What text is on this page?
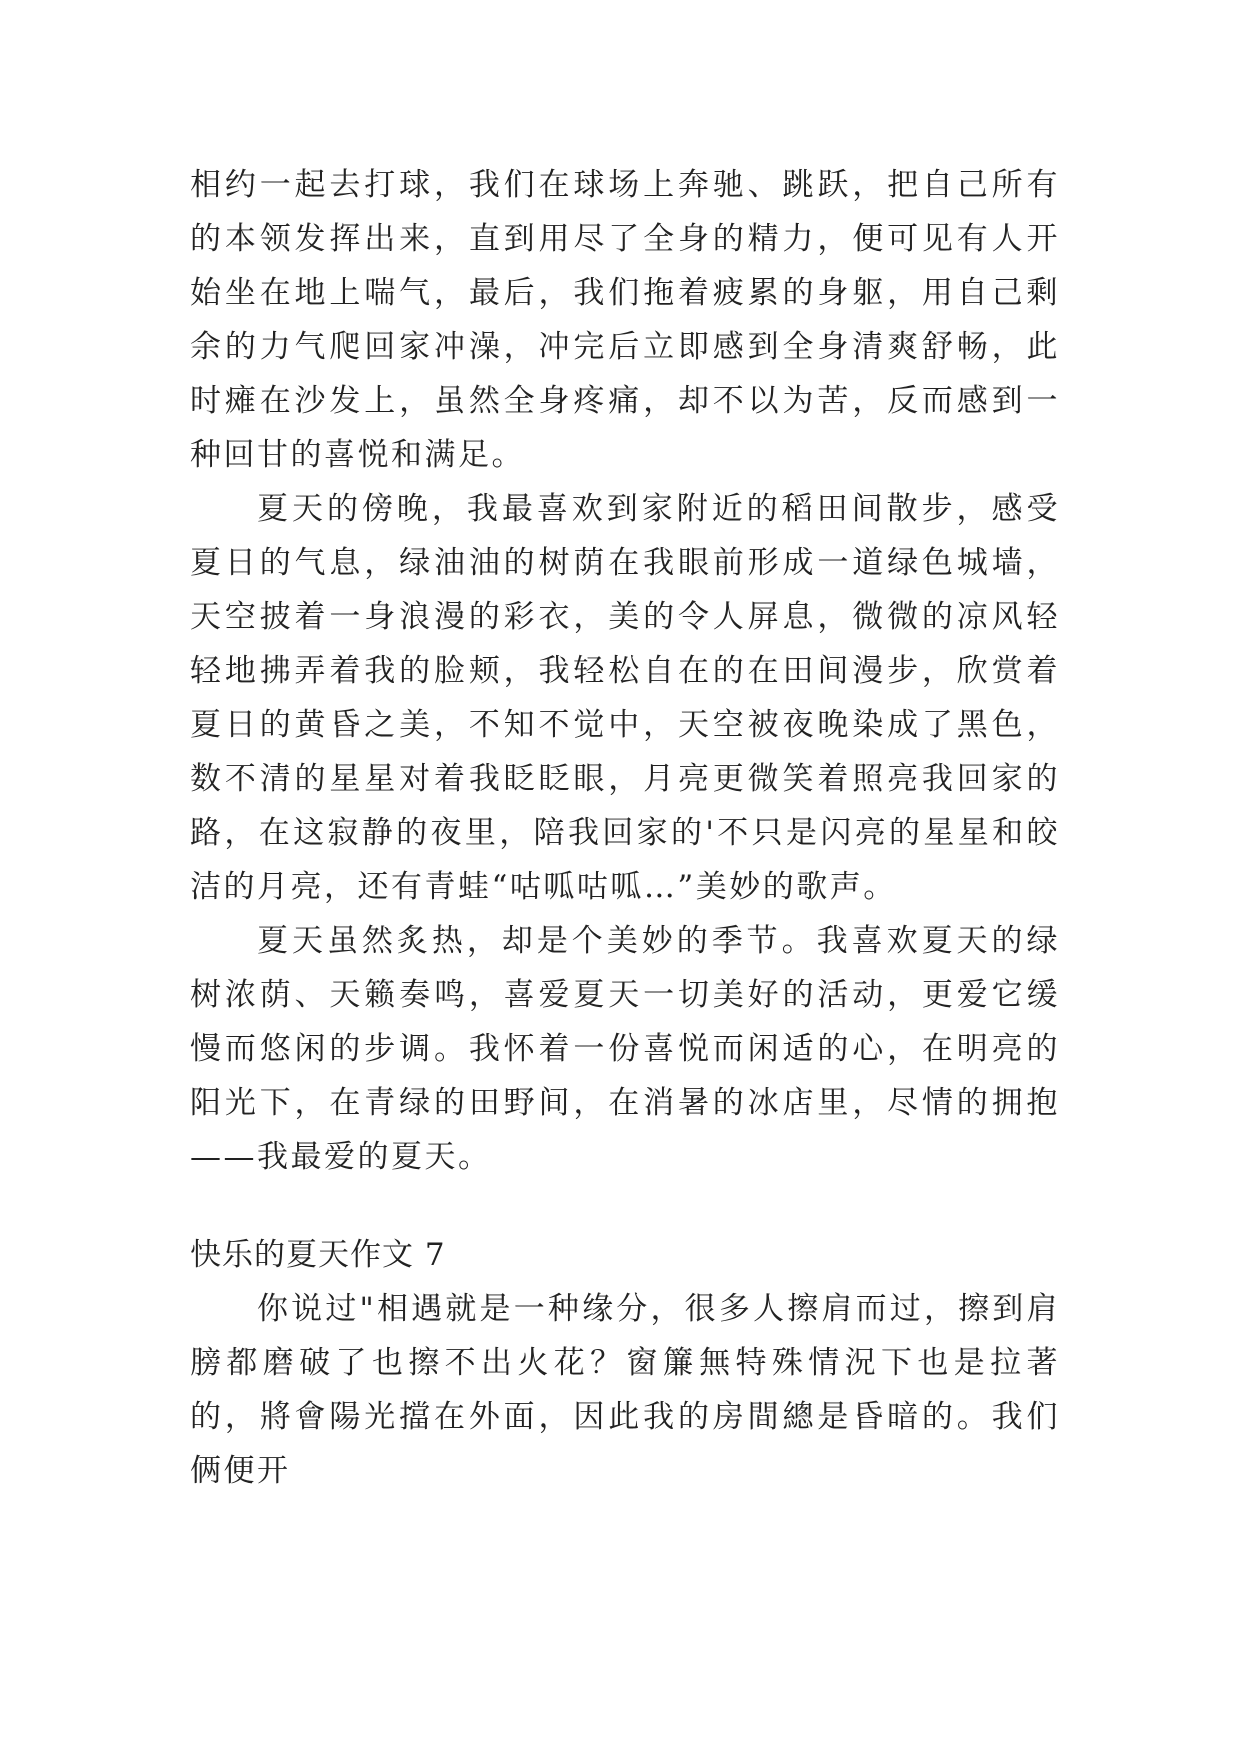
相约一起去打球，我们在球场上奔驰、跳跃，把自己所有的本领发挥出来，直到用尽了全身的精力，便可见有人开始坐在地上喘气，最后，我们拖着疲累的身躯，用自己剩余的力气爬回家冲澡，冲完后立即感到全身清爽舒畅，此时瘫在沙发上，虽然全身疼痛，却不以为苦，反而感到一种回甘的喜悦和满足。

夏天的傍晚，我最喜欢到家附近的稻田间散步，感受夏日的气息，绿油油的树荫在我眼前形成一道绿色城墙，天空披着一身浪漫的彩衣，美的令人屏息，微微的凉风轻轻地拂弄着我的脸颊，我轻松自在的在田间漫步，欣赏着夏日的黄昏之美，不知不觉中，天空被夜晚染成了黑色，数不清的星星对着我眨眨眼，月亮更微笑着照亮我回家的路，在这寂静的夜里，陪我回家的'不只是闪亮的星星和皎洁的月亮，还有青蛙“咕呱咕呱…”美妙的歌声。

夏天虽然炙热，却是个美妙的季节。我喜欢夏天的绿树浓荫、天籁奏鸣，喜爱夏天一切美好的活动，更爱它缓慢而悠闲的步调。我怀着一份喜悦而闲适的心，在明亮的阳光下，在青绿的田野间，在消暑的冰店里，尽情的拥抱——我最爱的夏天。

快乐的夏天作文 7

你说过"相遇就是一种缘分，很多人擦肩而过，擦到肩膀都磨破了也擦不出火花？窗簾無特殊情況下也是拉著的，將會陽光擋在外面，因此我的房間總是昏暗的。我们俩便开
